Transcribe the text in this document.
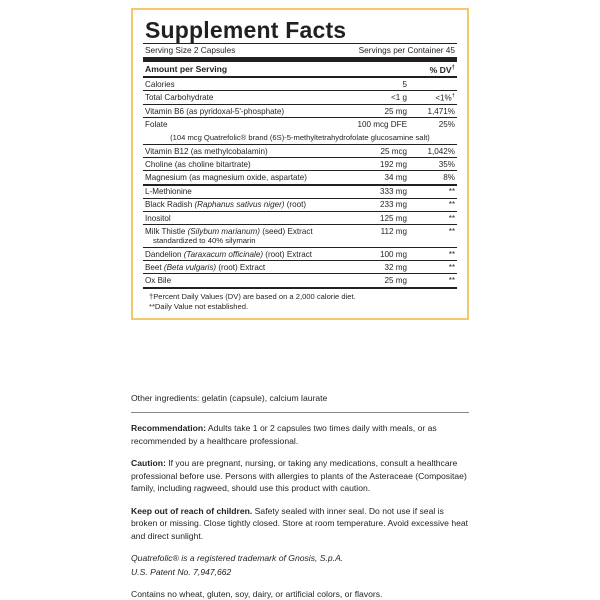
Supplement Facts
Serving Size 2 Capsules	Servings per Container 45
Amount per Serving	% DV†
Calories	5	
Total Carbohydrate	<1 g	<1%†
Vitamin B6 (as pyridoxal-5'-phosphate)	25 mg	1,471%
Folate	100 mcg DFE	25%

(104 mcg Quatrefolic® brand (6S)-5-methyltetrahydrofolate glucosamine salt)		

Vitamin B12 (as methylcobalamin)	25 mcg	1,042%
Choline (as choline bitartrate)	192 mg	35%
Magnesium (as magnesium oxide, aspartate)	34 mg	8%
L-Methionine	333 mg	**
Black Radish (Raphanus sativus niger) (root)	233 mg	**
Inositol	125 mg	**
Milk Thistle (Silybum marianum) (seed) Extract
standardized to 40% silymarin	112 mg	**
Dandelion (Taraxacum officinale) (root) Extract	100 mg	**
Beet (Beta vulgaris) (root) Extract	32 mg	**
Ox Bile	25 mg	**
†Percent Daily Values (DV) are based on a 2,000 calorie diet.
**Daily Value not established.

Other ingredients: gelatin (capsule), calcium laurate

Recommendation: Adults take 1 or 2 capsules two times daily with meals, or as recommended by a healthcare professional.

Caution: If you are pregnant, nursing, or taking any medications, consult a healthcare professional before use. Persons with allergies to plants of the Asteraceae (Compositae) family, including ragweed, should use this product with caution.

Keep out of reach of children. Safety sealed with inner seal. Do not use if seal is broken or missing. Close tightly closed. Store at room temperature. Avoid excessive heat and direct sunlight.

Quatrefolic® is a registered trademark of Gnosis, S.p.A.

U.S. Patent No. 7,947,662

Contains no wheat, gluten, soy, dairy, or artificial colors, or flavors.
